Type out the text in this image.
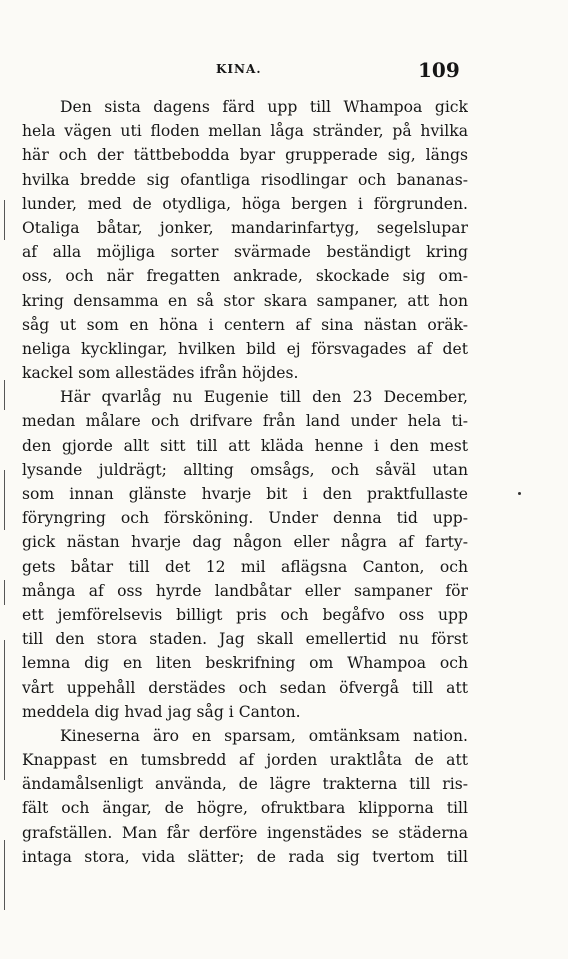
KINA.	109
Den sista dagens färd upp till Whampoa gick
hela vägen uti floden mellan låga stränder, på hvilka
här och der tättbebodda byar grupperade sig, längs
hvilka bredde sig ofantliga risodlingar och bananas-
lunder, med de otydliga, höga bergen i förgrunden.
Otaliga båtar, jonker, mandarinfartyg, segelslupar
af alla möjliga sorter svärmade beständigt kring
oss, och när fregatten ankrade, skockade sig om-
kring densamma en så stor skara sampaner, att hon
såg ut som en höna i centern af sina nästan oräk-
neliga kycklingar, hvilken bild ej försvagades af det
kackel som allestädes ifrån höjdes.
Här qvarlåg nu Eugenie till den 23 December,
medan målare och drifvare från land under hela ti-
den gjorde allt sitt till att kläda henne i den mest
lysande juldrägt; allting omsågs, och såväl utan
som innan glänste hvarje bit i den praktfullaste
föryngring och försköning. Under denna tid upp-
gick nästan hvarje dag någon eller några af farty-
gets båtar till det 12 mil aflägsna Canton, och
många af oss hyrde landbåtar eller sampaner för
ett jemförelsevis billigt pris och begåfvo oss upp
till den stora staden. Jag skall emellertid nu först
lemna dig en liten beskrifning om Whampoa och
vårt uppehåll derstädes och sedan öfvergå till att
meddela dig hvad jag såg i Canton.
Kineserna äro en sparsam, omtänksam nation.
Knappast en tumsbredd af jorden uraktlåta de att
ändamålsenligt använda, de lägre trakterna till ris-
fält och ängar, de högre, ofruktbara klipporna till
grafställen. Man får derföre ingenstädes se städerna
intaga stora, vida slätter; de rada sig tvertom till
